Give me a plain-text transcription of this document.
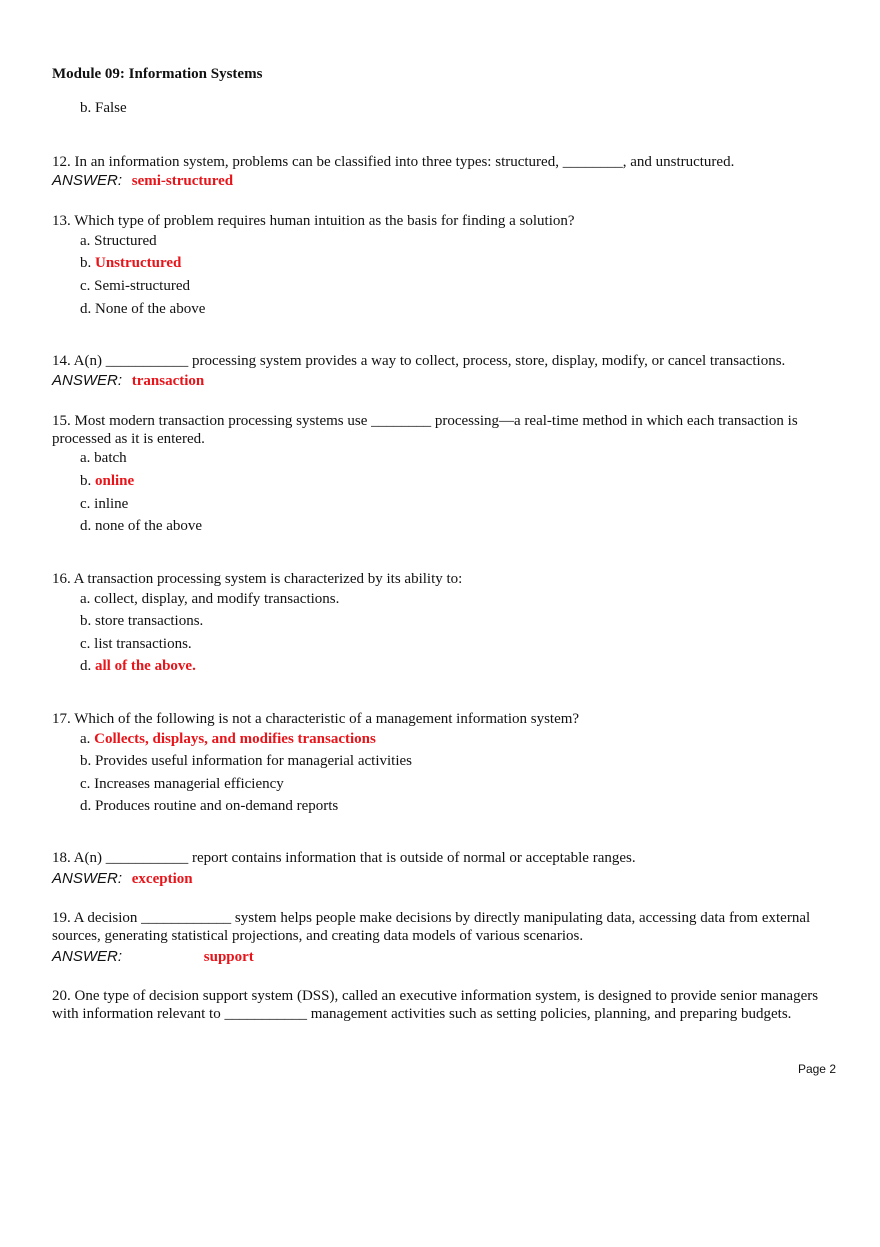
Module 09: Information Systems
b. False
12. In an information system, problems can be classified into three types: structured, ________, and unstructured.
ANSWER: semi-structured
13. Which type of problem requires human intuition as the basis for finding a solution?
a. Structured
b. Unstructured
c. Semi-structured
d. None of the above
14. A(n) ___________ processing system provides a way to collect, process, store, display, modify, or cancel transactions.
ANSWER: transaction
15. Most modern transaction processing systems use ________ processing—a real-time method in which each transaction is processed as it is entered.
a. batch
b. online
c. inline
d. none of the above
16. A transaction processing system is characterized by its ability to:
a. collect, display, and modify transactions.
b. store transactions.
c. list transactions.
d. all of the above.
17. Which of the following is not a characteristic of a management information system?
a. Collects, displays, and modifies transactions
b. Provides useful information for managerial activities
c. Increases managerial efficiency
d. Produces routine and on-demand reports
18. A(n) ___________ report contains information that is outside of normal or acceptable ranges.
ANSWER: exception
19. A decision ____________ system helps people make decisions by directly manipulating data, accessing data from external sources, generating statistical projections, and creating data models of various scenarios.
ANSWER:	support
20. One type of decision support system (DSS), called an executive information system, is designed to provide senior managers with information relevant to ___________ management activities such as setting policies, planning, and preparing budgets.
Page 2
